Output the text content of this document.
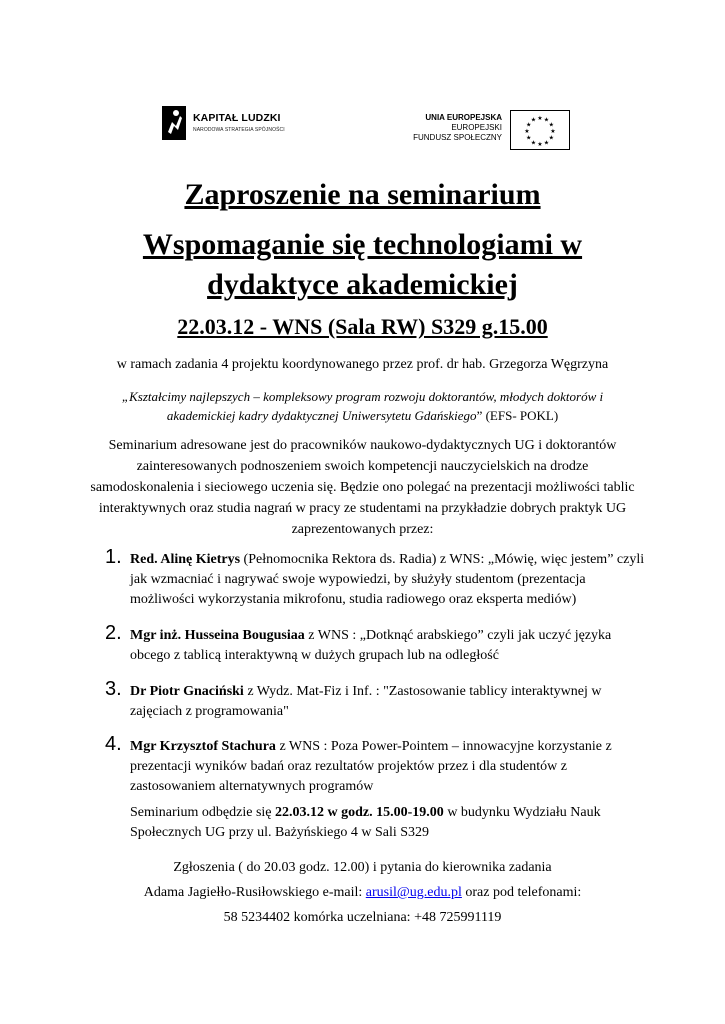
KAPITAŁ LUDZKI
NARODOWA STRATEGIA SPÓJNOŚCI
UNIA EUROPEJSKA
EUROPEJSKI
FUNDUSZ SPOŁECZNY
★ ★
★
★
★
★
★
★
★
★
★
★
Zaproszenie na seminarium
Wspomaganie się technologiami w
dydaktyce akademickiej
22.03.12 - WNS (Sala RW) S329 g.15.00
w ramach zadania 4 projektu koordynowanego przez prof. dr hab. Grzegorza Węgrzyna
„Kształcimy najlepszych – kompleksowy program rozwoju doktorantów, młodych doktorów i akademickiej kadry dydaktycznej Uniwersytetu Gdańskiego” (EFS- POKL)
Seminarium adresowane jest do pracowników naukowo-dydaktycznych UG i doktorantów zainteresowanych podnoszeniem swoich kompetencji nauczycielskich na drodze samodoskonalenia i sieciowego uczenia się. Będzie ono polegać na prezentacji możliwości tablic interaktywnych oraz studia nagrań w pracy ze studentami na przykładzie dobrych praktyk UG zaprezentowanych przez:
1. Red. Alinę Kietrys (Pełnomocnika Rektora ds. Radia) z WNS: „Mówię, więc jestem” czyli jak wzmacniać i nagrywać swoje wypowiedzi, by służyły studentom (prezentacja możliwości wykorzystania mikrofonu, studia radiowego oraz eksperta mediów)
2. Mgr inż. Husseina Bougusiaa z WNS : „Dotknąć arabskiego” czyli jak uczyć języka obcego z tablicą interaktywną w dużych grupach lub na odległość
3. Dr Piotr Gnaciński z Wydz. Mat-Fiz i Inf. : "Zastosowanie tablicy interaktywnej w zajęciach z programowania"
4. Mgr Krzysztof Stachura z WNS : Poza Power-Pointem – innowacyjne korzystanie z prezentacji wyników badań oraz rezultatów projektów przez i dla studentów z zastosowaniem alternatywnych programów
Seminarium odbędzie się 22.03.12 w godz. 15.00-19.00 w budynku Wydziału Nauk Społecznych UG przy ul. Bażyńskiego 4 w Sali S329
Zgłoszenia ( do 20.03 godz. 12.00) i pytania do kierownika zadania
Adama Jagiełło-Rusiłowskiego e-mail: arusil@ug.edu.pl oraz pod telefonami:
58 5234402 komórka uczelniana: +48 725991119
